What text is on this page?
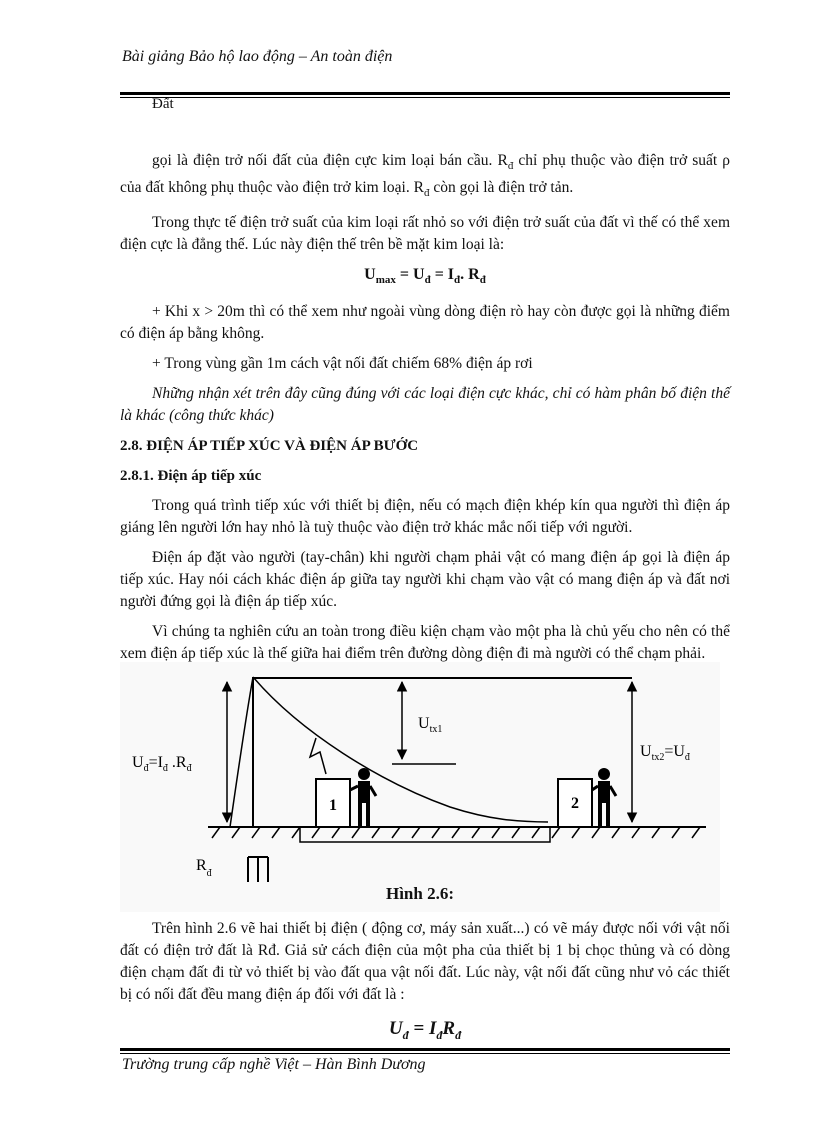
Bài giảng Bảo hộ lao động – An toàn điện
Đất

gọi là điện trở nối đất của điện cực kim loại bán cầu. $R_đ$ chỉ phụ thuộc vào điện trở suất ρ của đất không phụ thuộc vào điện trở kim loại. $R_đ$ còn gọi là điện trở tản.

Trong thực tế điện trở suất của kim loại rất nhỏ so với điện trở suất của đất vì thế có thể xem điện cực là đẳng thế. Lúc này điện thế trên bề mặt kim loại là:

$U_{max} = U_đ = I_đ$. $R_đ$

+ Khi x > 20m thì có thể xem như ngoài vùng dòng điện rò hay còn được gọi là những điểm có điện áp bằng không.

+ Trong vùng gần 1m cách vật nối đất chiếm 68% điện áp rơi

Những nhận xét trên đây cũng đúng với các loại điện cực khác, chỉ có hàm phân bố điện thế là khác (công thức khác)

2.8. ĐIỆN ÁP TIẾP XÚC VÀ ĐIỆN ÁP BƯỚC
2.8.1. Điện áp tiếp xúc

Trong quá trình tiếp xúc với thiết bị điện, nếu có mạch điện khép kín qua người thì điện áp giáng lên người lớn hay nhỏ là tuỳ thuộc vào điện trở khác mắc nối tiếp với người.

Điện áp đặt vào người (tay-chân) khi người chạm phải vật có mang điện áp gọi là điện áp tiếp xúc. Hay nói cách khác điện áp giữa tay người khi chạm vào vật có mang điện áp và đất nơi người đứng gọi là điện áp tiếp xúc.

Vì chúng ta nghiên cứu an toàn trong điều kiện chạm vào một pha là chủ yếu cho nên có thể xem điện áp tiếp xúc là thế giữa hai điểm trên đường dòng điện đi mà người có thể chạm phải.

1	2
$U_đ=I_đ$ $.R_đ$
$U_{tx1}$
$U_{tx2}=U_đ$
$R_đ$
Hình 2.6:

Trên hình 2.6 vẽ hai thiết bị điện ( động cơ, máy sản xuất...) có vẽ máy được nối với vật nối đất có điện trở đất là Rđ. Giả sử cách điện của một pha của thiết bị 1 bị chọc thủng và có dòng điện chạm đất đi từ vỏ thiết bị vào đất qua vật nối đất. Lúc này, vật nối đất cũng như vỏ các thiết bị có nối đất đều mang điện áp đối với đất là :

$U_đ = I_đR_đ$
Trường trung cấp nghề Việt – Hàn Bình Dương
